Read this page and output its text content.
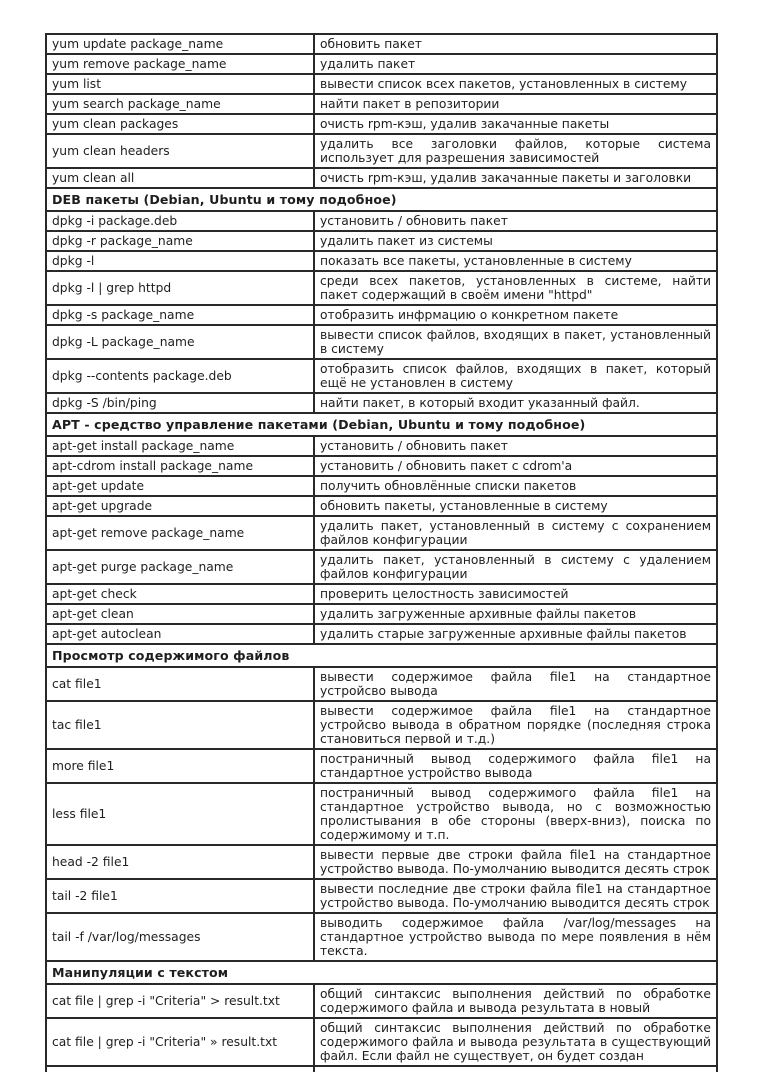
yum update package_name	обновить пакет
yum remove package_name	удалить пакет
yum list	вывести список всех пакетов, установленных в систему
yum search package_name	найти пакет в репозитории
yum clean packages	очисть rpm-кэш, удалив закачанные пакеты
yum clean headers	удалить все заголовки файлов, которые система использует для разрешения зависимостей
yum clean all	очисть rpm-кэш, удалив закачанные пакеты и заголовки
DEB пакеты (Debian, Ubuntu и тому подобное)	
dpkg -i package.deb	установить / обновить пакет
dpkg -r package_name	удалить пакет из системы
dpkg -l	показать все пакеты, установленные в систему
dpkg -l | grep httpd	среди всех пакетов, установленных в системе, найти пакет содержащий в своём имени "httpd"
dpkg -s package_name	отобразить инфрмацию о конкретном пакете
dpkg -L package_name	вывести список файлов, входящих в пакет, установленный в систему
dpkg --contents package.deb	отобразить список файлов, входящих в пакет, который ещё не установлен в систему
dpkg -S /bin/ping	найти пакет, в который входит указанный файл.
APT - средство управление пакетами (Debian, Ubuntu и тому подобное)	
apt-get install package_name	установить / обновить пакет
apt-cdrom install package_name	установить / обновить пакет с cdrom'а
apt-get update	получить обновлённые списки пакетов
apt-get upgrade	обновить пакеты, установленные в систему
apt-get remove package_name	удалить пакет, установленный в систему с сохранением файлов конфигурации
apt-get purge package_name	удалить пакет, установленный в систему с удалением файлов конфигурации
apt-get check	проверить целостность зависимостей
apt-get clean	удалить загруженные архивные файлы пакетов
apt-get autoclean	удалить старые загруженные архивные файлы пакетов
Просмотр содержимого файлов	
cat file1	вывести содержимое файла file1 на стандартное устройсво вывода
tac file1	вывести содержимое файла file1 на стандартное устройсво вывода в обратном порядке (последняя строка становиться первой и т.д.)
more file1	постраничный вывод содержимого файла file1 на стандартное устройство вывода
less file1	постраничный вывод содержимого файла file1 на стандартное устройство вывода, но с возможностью пролистывания в обе стороны (вверх-вниз), поиска по содержимому и т.п.
head -2 file1	вывести первые две строки файла file1 на стандартное устройство вывода. По-умолчанию выводится десять строк
tail -2 file1	вывести последние две строки файла file1 на стандартное устройство вывода. По-умолчанию выводится десять строк
tail -f /var/log/messages	выводить содержимое файла /var/log/messages на стандартное устройство вывода по мере появления в нём текста.
Манипуляции с текстом	
cat file | grep -i "Criteria" > result.txt	общий синтаксис выполнения действий по обработке содержимого файла и вывода результата в новый
cat file | grep -i "Criteria" » result.txt	общий синтаксис выполнения действий по обработке содержимого файла и вывода результата в существующий файл. Если файл не существует, он будет создан
